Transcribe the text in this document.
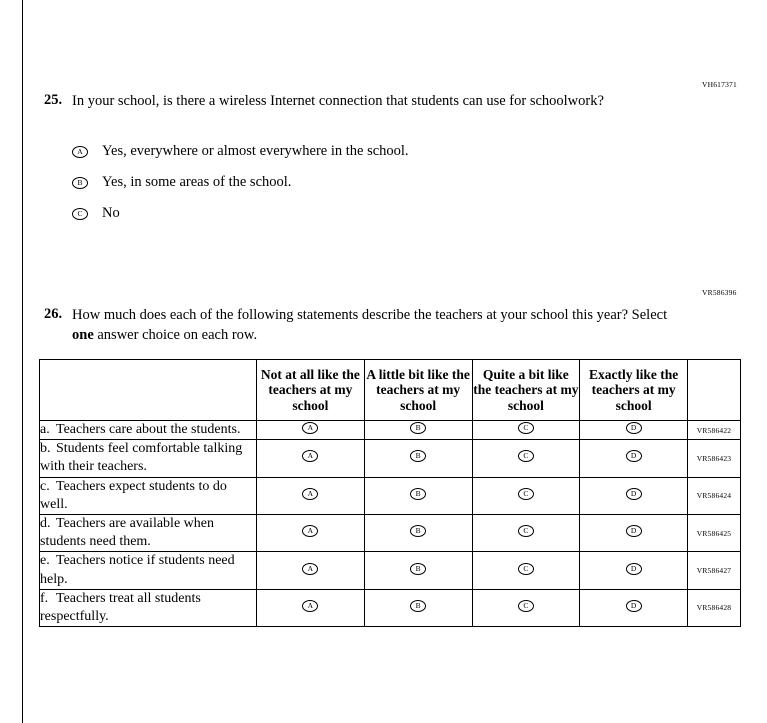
VH617371
25. In your school, is there a wireless Internet connection that students can use for schoolwork?
A Yes, everywhere or almost everywhere in the school.
B	Yes, in some areas of the school.
C	No
VR586396
26. How much does each of the following statements describe the teachers at your school this year? Select one answer choice on each row.
	Not at all like the teachers at my school	A little bit like the teachers at my school	Quite a bit like the teachers at my school	Exactly like the teachers at my school	
a. Teachers care about the students.	A	B	C	D	VR586422
b. Students feel comfortable talking with their teachers.	A	B	C	D	VR586423
c. Teachers expect students to do well.	A	B	C	D	VR586424
d. Teachers are available when students need them.	A	B	C	D	VR586425
e. Teachers notice if students need help.	A	B	C	D	VR586427
f. Teachers treat all students respectfully.	A	B	C	D	VR586428
